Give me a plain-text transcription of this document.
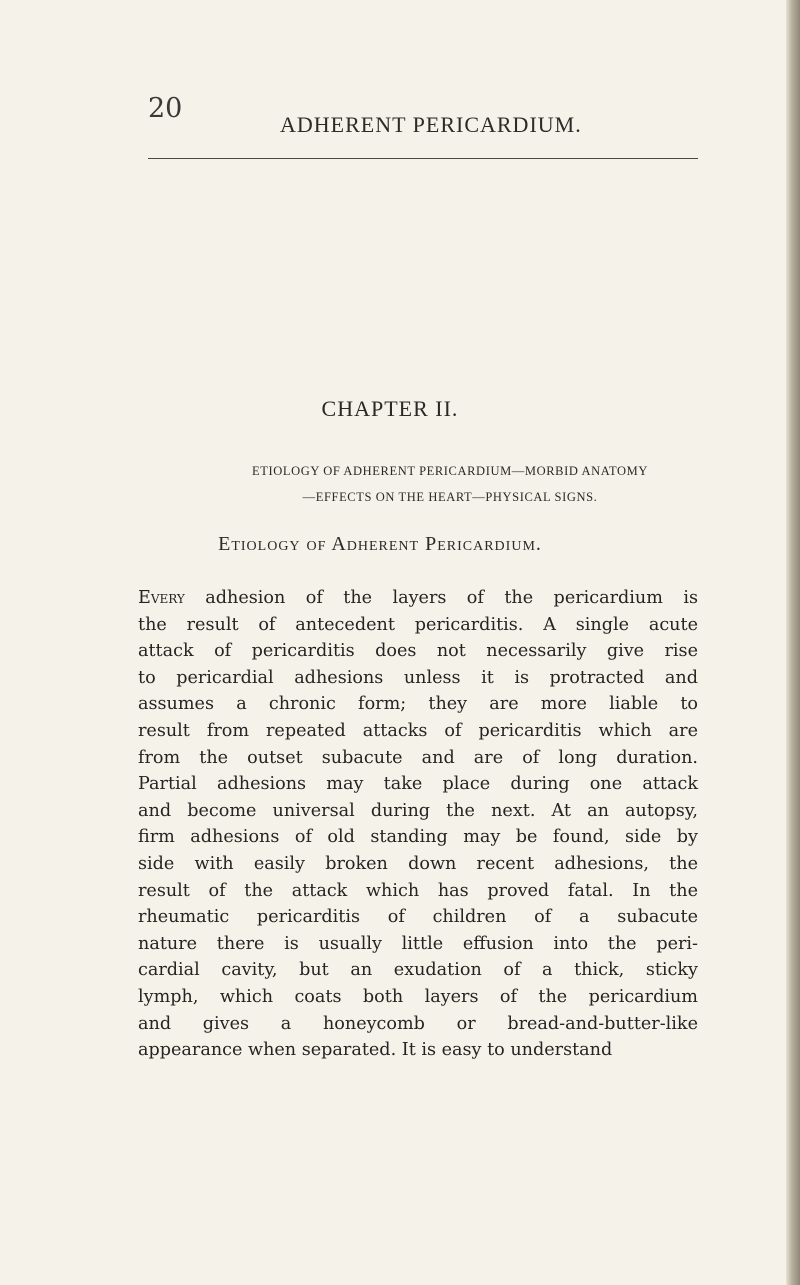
20
ADHERENT PERICARDIUM.
CHAPTER II.
ETIOLOGY OF ADHERENT PERICARDIUM—MORBID ANATOMY
—EFFECTS ON THE HEART—PHYSICAL SIGNS.
Etiology of Adherent Pericardium.
Every adhesion of the layers of the pericardium is
the result of antecedent pericarditis. A single acute
attack of pericarditis does not necessarily give rise
to pericardial adhesions unless it is protracted and
assumes a chronic form; they are more liable to
result from repeated attacks of pericarditis which are
from the outset subacute and are of long duration.
Partial adhesions may take place during one attack
and become universal during the next. At an autopsy,
firm adhesions of old standing may be found, side by
side with easily broken down recent adhesions, the
result of the attack which has proved fatal. In the
rheumatic pericarditis of children of a subacute
nature there is usually little effusion into the peri-
cardial cavity, but an exudation of a thick, sticky
lymph, which coats both layers of the pericardium
and gives a honeycomb or bread-and-butter-like
appearance when separated. It is easy to understand
